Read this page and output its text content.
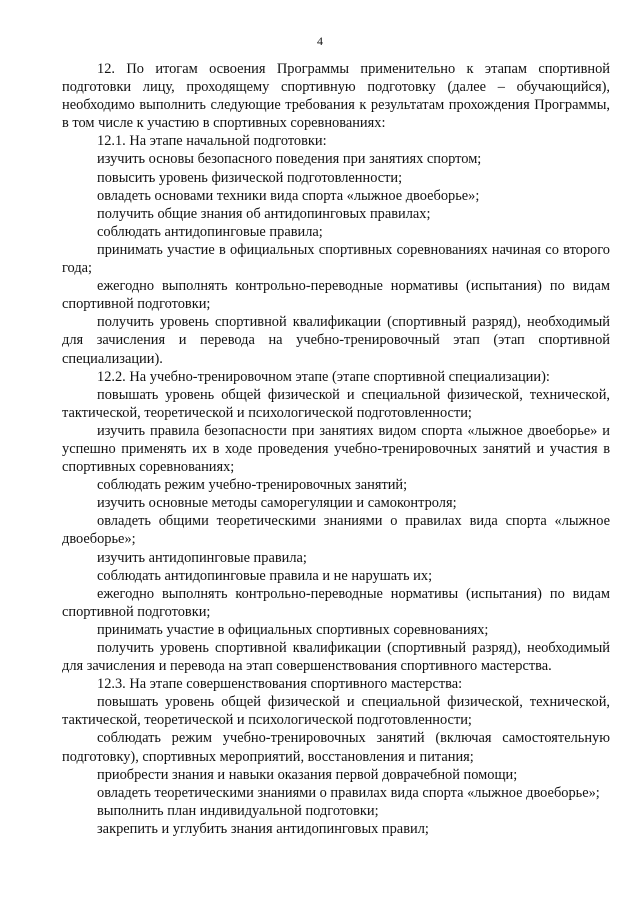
4

12. По итогам освоения Программы применительно к этапам спортивной подготовки лицу, проходящему спортивную подготовку (далее – обучающийся), необходимо выполнить следующие требования к результатам прохождения Программы, в том числе к участию в спортивных соревнованиях:

12.1. На этапе начальной подготовки:

изучить основы безопасного поведения при занятиях спортом;

повысить уровень физической подготовленности;

овладеть основами техники вида спорта «лыжное двоеборье»;

получить общие знания об антидопинговых правилах;

соблюдать антидопинговые правила;

принимать участие в официальных спортивных соревнованиях начиная со второго года;

ежегодно выполнять контрольно-переводные нормативы (испытания) по видам спортивной подготовки;

получить уровень спортивной квалификации (спортивный разряд), необходимый для зачисления и перевода на учебно-тренировочный этап (этап спортивной специализации).

12.2. На учебно-тренировочном этапе (этапе спортивной специализации):

повышать уровень общей физической и специальной физической, технической, тактической, теоретической и психологической подготовленности;

изучить правила безопасности при занятиях видом спорта «лыжное двоеборье» и успешно применять их в ходе проведения учебно-тренировочных занятий и участия в спортивных соревнованиях;

соблюдать режим учебно-тренировочных занятий;

изучить основные методы саморегуляции и самоконтроля;

овладеть общими теоретическими знаниями о правилах вида спорта «лыжное двоеборье»;

изучить антидопинговые правила;

соблюдать антидопинговые правила и не нарушать их;

ежегодно выполнять контрольно-переводные нормативы (испытания) по видам спортивной подготовки;

принимать участие в официальных спортивных соревнованиях;

получить уровень спортивной квалификации (спортивный разряд), необходимый для зачисления и перевода на этап совершенствования спортивного мастерства.

12.3. На этапе совершенствования спортивного мастерства:

повышать уровень общей физической и специальной физической, технической, тактической, теоретической и психологической подготовленности;

соблюдать режим учебно-тренировочных занятий (включая самостоятельную подготовку), спортивных мероприятий, восстановления и питания;

приобрести знания и навыки оказания первой доврачебной помощи;

овладеть теоретическими знаниями о правилах вида спорта «лыжное двоеборье»;

выполнить план индивидуальной подготовки;

закрепить и углубить знания антидопинговых правил;
